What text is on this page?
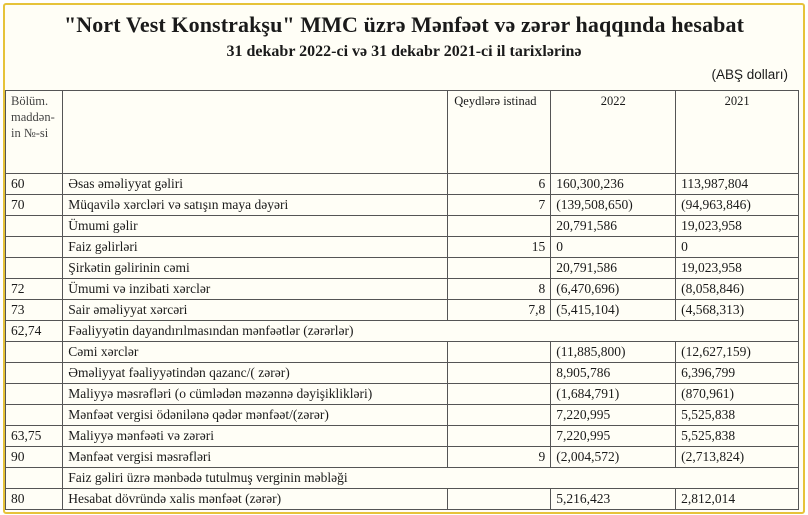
"Nort Vest Konstrakşu" MMC üzrə Mənfəət və zərər haqqında hesabat
31 dekabr 2022-ci və 31 dekabr 2021-ci il tarixlərinə
(ABŞ dolları)
Bölüm. maddən-in №-si		Qeydlərə istinad	2022	2021
60	Əsas əməliyyat gəliri	6	160,300,236	113,987,804
70	Müqavilə xərcləri və satışın maya dəyəri	7	(139,508,650)	(94,963,846)
	Ümumi gəlir		20,791,586	19,023,958
	Faiz gəlirləri	15	0	0
	Şirkətin gəlirinin cəmi		20,791,586	19,023,958
72	Ümumi və inzibati xərclər	8	(6,470,696)	(8,058,846)
73	Sair əməliyyat xərcəri	7,8	(5,415,104)	(4,568,313)
62,74	Fəaliyyətin dayandırılmasından mənfəətlər (zərərlər)			
	Cəmi xərclər		(11,885,800)	(12,627,159)
	Əməliyyat fəaliyyətindən qazanc/( zərər)		8,905,786	6,396,799
	Maliyyə məsrəfləri (o cümlədən məzənnə dəyişiklikləri)		(1,684,791)	(870,961)
	Mənfəət vergisi ödənilənə qədər mənfəət/(zərər)		7,220,995	5,525,838
63,75	Maliyyə mənfəəti və zərəri		7,220,995	5,525,838
90	Mənfəət vergisi məsrəfləri	9	(2,004,572)	(2,713,824)
	Faiz gəliri üzrə mənbədə tutulmuş verginin məbləği			
80	Hesabat dövründə xalis mənfəət (zərər)		5,216,423	2,812,014
